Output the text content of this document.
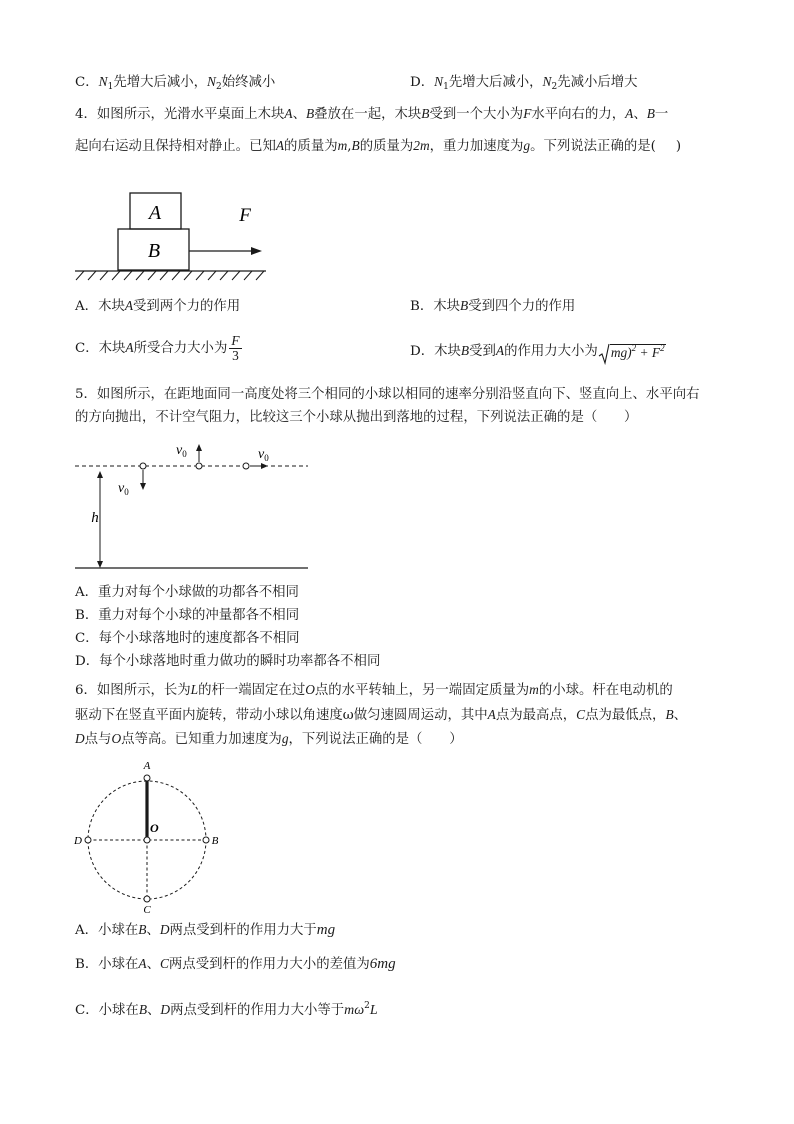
C．$N_1$先增大后减小，$N_2$始终减小	D．$N_1$先增大后减小，$N_2$先减小后增大
4．如图所示，光滑水平桌面上木块A、B叠放在一起，木块B受到一个大小为F水平向右的力，A、B一
起向右运动且保持相对静止。已知A的质量为m,B的质量为2m，重力加速度为g。下列说法正确的是( )
A
B
F
A．木块A受到两个力的作用	B．木块B受到四个力的作用
C．木块A所受合力大小为 $\frac{F}{3}$	D．木块B受到A的作用力大小为 $mg)^2 + F^2$
5．如图所示，在距地面同一高度处将三个相同的小球以相同的速率分别沿竖直向下、竖直向上、水平向右
的方向抛出，不计空气阻力，比较这三个小球从抛出到落地的过程，下列说法正确的是（　　）
$v_0$
$v_0$	$v_0$
h
A．重力对每个小球做的功都各不相同
B．重力对每个小球的冲量都各不相同
C．每个小球落地时的速度都各不相同
D．每个小球落地时重力做功的瞬时功率都各不相同
6．如图所示，长为L的杆一端固定在过O点的水平转轴上，另一端固定质量为m的小球。杆在电动机的
驱动下在竖直平面内旋转，带动小球以角速度ω做匀速圆周运动，其中A点为最高点，C点为最低点，B、
D点与O点等高。已知重力加速度为g，下列说法正确的是（　　）
A
O
D	B
C
A．小球在B、D两点受到杆的作用力大于mg
B．小球在A、C两点受到杆的作用力大小的差值为6mg
C．小球在B、D两点受到杆的作用力大小等于$m\omega^2L$
